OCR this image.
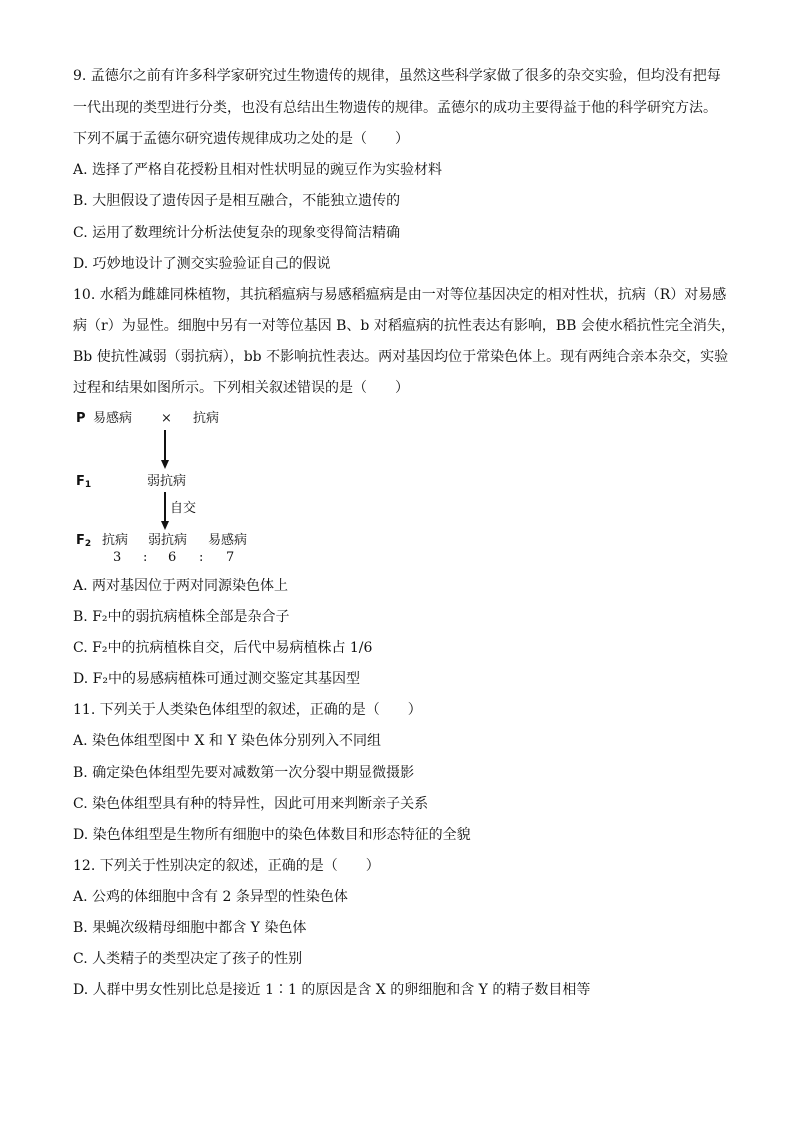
9. 孟德尔之前有许多科学家研究过生物遗传的规律，虽然这些科学家做了很多的杂交实验，但均没有把每
一代出现的类型进行分类，也没有总结出生物遗传的规律。孟德尔的成功主要得益于他的科学研究方法。
下列不属于孟德尔研究遗传规律成功之处的是（　　）
A. 选择了严格自花授粉且相对性状明显的豌豆作为实验材料
B. 大胆假设了遗传因子是相互融合，不能独立遗传的
C. 运用了数理统计分析法使复杂的现象变得简洁精确
D. 巧妙地设计了测交实验验证自己的假说
10. 水稻为雌雄同株植物，其抗稻瘟病与易感稻瘟病是由一对等位基因决定的相对性状，抗病（R）对易感
病（r）为显性。细胞中另有一对等位基因 B、b 对稻瘟病的抗性表达有影响，BB 会使水稻抗性完全消失，
Bb 使抗性减弱（弱抗病），bb 不影响抗性表达。两对基因均位于常染色体上。现有两纯合亲本杂交，实验
过程和结果如图所示。下列相关叙述错误的是（　　）
P 易感病 × 抗病
$F_1$	弱抗病
自交
$F_2$ 抗病 弱抗病 易感病
3 : 6 : 7
A. 两对基因位于两对同源染色体上
B. F₂中的弱抗病植株全部是杂合子
C. F₂中的抗病植株自交，后代中易病植株占 1/6
D. F₂中的易感病植株可通过测交鉴定其基因型
11. 下列关于人类染色体组型的叙述，正确的是（　　）
A. 染色体组型图中 X 和 Y 染色体分别列入不同组
B. 确定染色体组型先要对减数第一次分裂中期显微摄影
C. 染色体组型具有种的特异性，因此可用来判断亲子关系
D. 染色体组型是生物所有细胞中的染色体数目和形态特征的全貌
12. 下列关于性别决定的叙述，正确的是（　　）
A. 公鸡的体细胞中含有 2 条异型的性染色体
B. 果蝇次级精母细胞中都含 Y 染色体
C. 人类精子的类型决定了孩子的性别
D. 人群中男女性别比总是接近 1∶1 的原因是含 X 的卵细胞和含 Y 的精子数目相等
